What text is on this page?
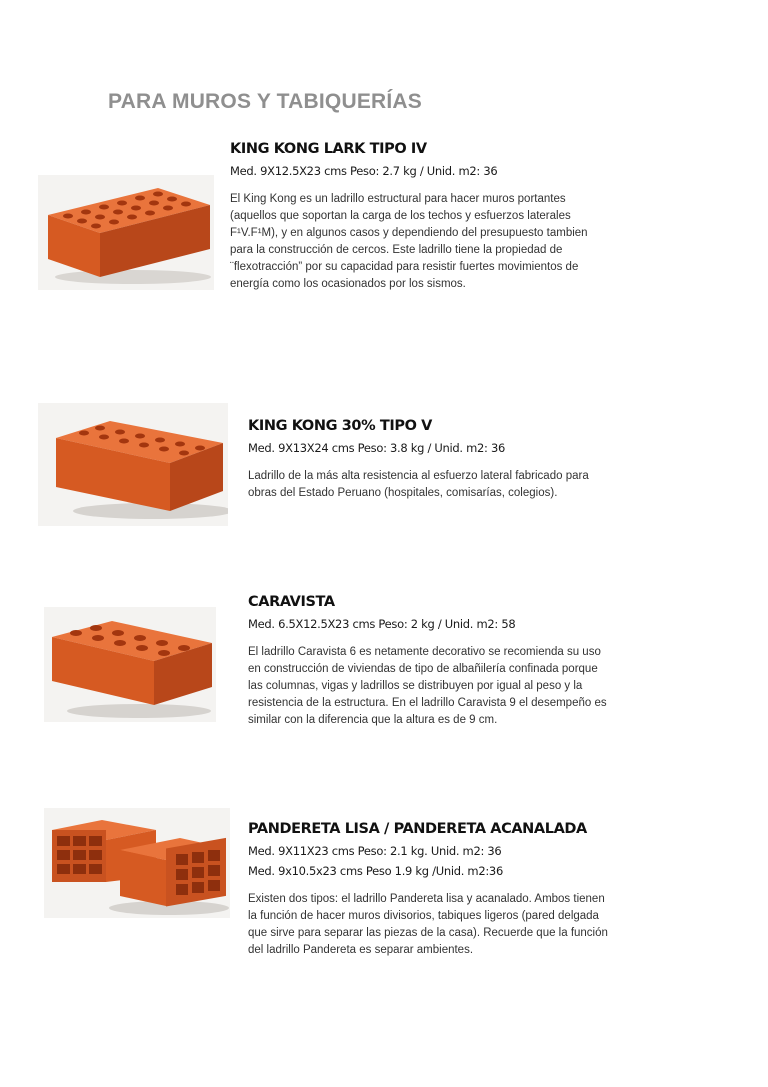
PARA MUROS Y TABIQUERÍAS
KING KONG LARK TIPO IV
Med. 9X12.5X23 cms Peso: 2.7 kg / Unid. m2: 36
El King Kong es un ladrillo estructural para hacer muros portantes
(aquellos que soportan la carga de los techos y esfuerzos laterales
F¹V.F¹M), y en algunos casos y dependiendo del presupuesto tambien
para la construcción de cercos. Este ladrillo tiene la propiedad de
¨flexotracción” por su capacidad para resistir fuertes movimientos de
energía como los ocasionados por los sismos.
KING KONG 30% TIPO V
Med. 9X13X24 cms Peso: 3.8 kg / Unid. m2: 36
Ladrillo de la más alta resistencia al esfuerzo lateral fabricado para
obras del Estado Peruano (hospitales, comisarías, colegios).
CARAVISTA
Med. 6.5X12.5X23 cms Peso: 2 kg / Unid. m2: 58
El ladrillo Caravista 6 es netamente decorativo se recomienda su uso
en construcción de viviendas de tipo de albañilería confinada porque
las columnas, vigas y ladrillos se distribuyen por igual al peso y la
resistencia de la estructura. En el ladrillo Caravista 9 el desempeño es
similar con la diferencia que la altura es de 9 cm.
PANDERETA LISA / PANDERETA ACANALADA
Med. 9X11X23 cms Peso: 2.1 kg. Unid. m2: 36
Med. 9x10.5x23 cms Peso 1.9 kg /Unid. m2:36
Existen dos tipos: el ladrillo Pandereta lisa y acanalado. Ambos tienen
la función de hacer muros divisorios, tabiques ligeros (pared delgada
que sirve para separar las piezas de la casa). Recuerde que la función
del ladrillo Pandereta es separar ambientes.
